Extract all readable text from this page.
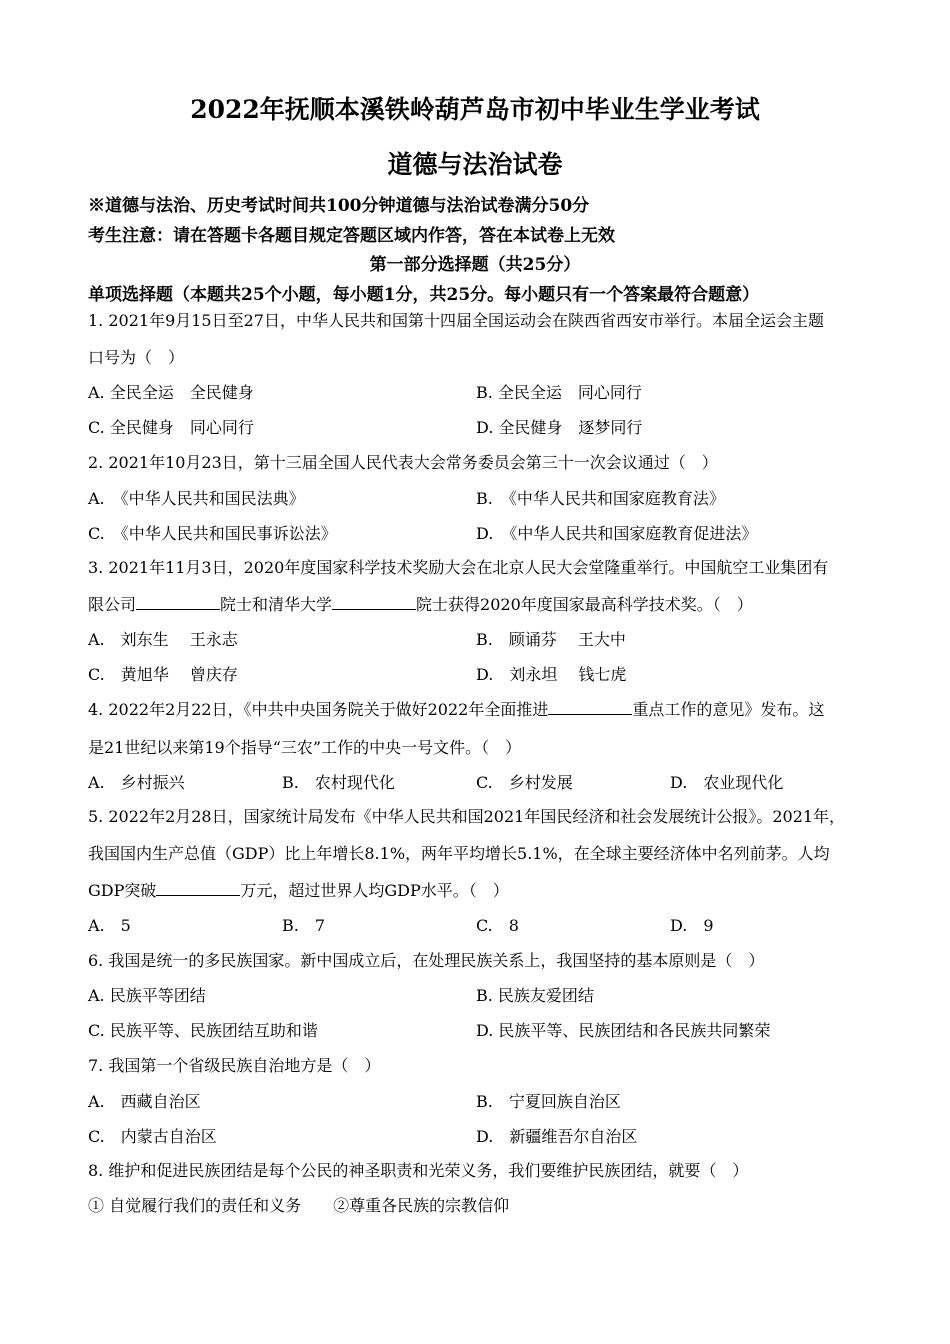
2022年抚顺本溪铁岭葫芦岛市初中毕业生学业考试
道德与法治试卷
※道德与法治、历史考试时间共100分钟道德与法治试卷满分50分
考生注意：请在答题卡各题目规定答题区域内作答，答在本试卷上无效
第一部分选择题（共25分）
单项选择题（本题共25个小题，每小题1分，共25分。每小题只有一个答案最符合题意）
1. 2021年9月15日至27日，中华人民共和国第十四届全国运动会在陕西省西安市举行。本届全运会主题
口号为（　）
A. 全民全运　全民健身	B. 全民全运　同心同行
C. 全民健身　同心同行	D. 全民健身　逐梦同行
2. 2021年10月23日，第十三届全国人民代表大会常务委员会第三十一次会议通过（　）
A.　《中华人民共和国民法典》	B.　《中华人民共和国家庭教育法》
C.　《中华人民共和国民事诉讼法》	D.　《中华人民共和国家庭教育促进法》
3. 2021年11月3日，2020年度国家科学技术奖励大会在北京人民大会堂隆重举行。中国航空工业集团有
限公司	院士和清华大学	院士获得2020年度国家最高科学技术奖。（　）
A.　刘东生　 王永志	B.　顾诵芬　 王大中
C.　黄旭华　 曾庆存	D.　刘永坦　 钱七虎
4. 2022年2月22日，《中共中央国务院关于做好2022年全面推进	重点工作的意见》发布。这
是21世纪以来第19个指导“三农”工作的中央一号文件。（　）
A.　乡村振兴	B.　农村现代化	C.　乡村发展	D.　农业现代化
5. 2022年2月28日，国家统计局发布《中华人民共和国2021年国民经济和社会发展统计公报》。2021年，
我国国内生产总值（GDP）比上年增长8.1%，两年平均增长5.1%，在全球主要经济体中名列前茅。人均
GDP突破	万元，超过世界人均GDP水平。（　）
A.　5	B.　7	C.　8	D.　9
6. 我国是统一的多民族国家。新中国成立后，在处理民族关系上，我国坚持的基本原则是（　）
A. 民族平等团结	B. 民族友爱团结
C. 民族平等、民族团结互助和谐	D. 民族平等、民族团结和各民族共同繁荣
7. 我国第一个省级民族自治地方是（　）
A.　西藏自治区	B.　宁夏回族自治区
C.　内蒙古自治区	D.　新疆维吾尔自治区
8. 维护和促进民族团结是每个公民的神圣职责和光荣义务，我们要维护民族团结，就要（　）
① 自觉履行我们的责任和义务　　②尊重各民族的宗教信仰
